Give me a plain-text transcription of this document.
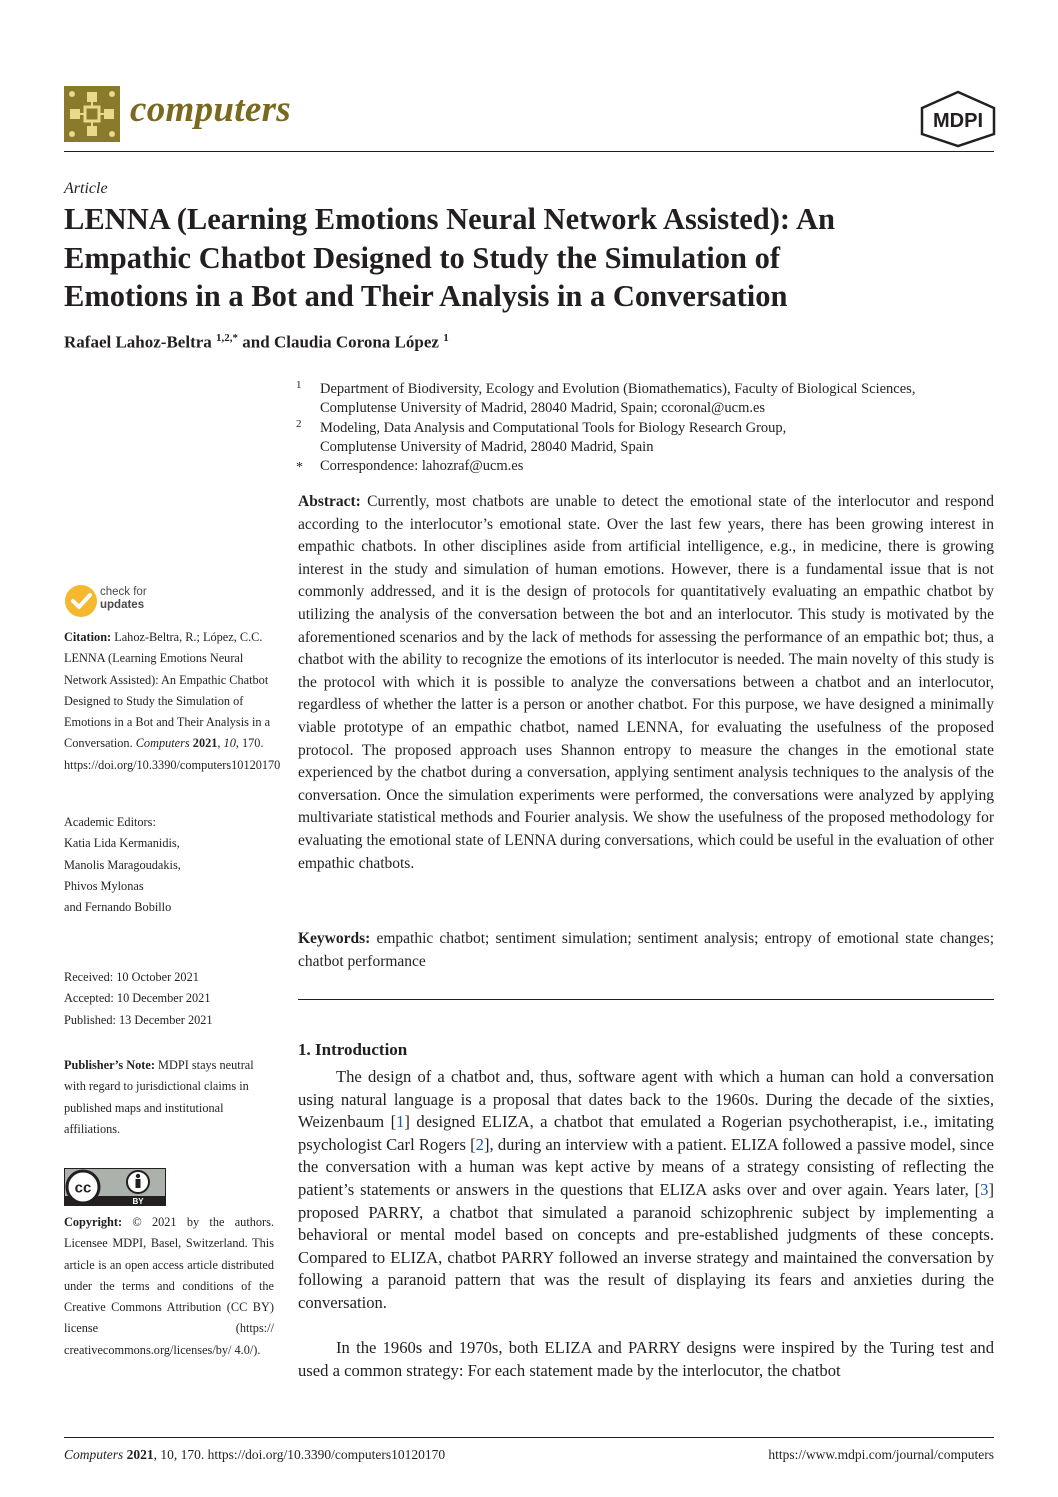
computers	MDPI
Article
LENNA (Learning Emotions Neural Network Assisted): An
Empathic Chatbot Designed to Study the Simulation of
Emotions in a Bot and Their Analysis in a Conversation
Rafael Lahoz-Beltra $^{1,2,*}$ and Claudia Corona López $^1$
1 Department of Biodiversity, Ecology and Evolution (Biomathematics), Faculty of Biological Sciences,
Complutense University of Madrid, 28040 Madrid, Spain; ccoronal@ucm.es
2 Modeling, Data Analysis and Computational Tools for Biology Research Group,
Complutense University of Madrid, 28040 Madrid, Spain
* Correspondence: lahozraf@ucm.es
Abstract: Currently, most chatbots are unable to detect the emotional state of the interlocutor and respond according to the interlocutor’s emotional state. Over the last few years, there has been growing interest in empathic chatbots. In other disciplines aside from artificial intelligence, e.g., in medicine, there is growing interest in the study and simulation of human emotions. However, there is a fundamental issue that is not commonly addressed, and it is the design of protocols for quantitatively evaluating an empathic chatbot by utilizing the analysis of the conversation between the bot and an interlocutor. This study is motivated by the aforementioned scenarios and by the lack of methods for assessing the performance of an empathic bot; thus, a chatbot with the ability to recognize the emotions of its interlocutor is needed. The main novelty of this study is the protocol with which it is possible to analyze the conversations between a chatbot and an interlocutor, regardless of whether the latter is a person or another chatbot. For this purpose, we have designed a minimally viable prototype of an empathic chatbot, named LENNA, for evaluating the usefulness of the proposed protocol. The proposed approach uses Shannon entropy to measure the changes in the emotional state experienced by the chatbot during a conversation, applying sentiment analysis techniques to the analysis of the conversation. Once the simulation experiments were performed, the conversations were analyzed by applying multivariate statistical methods and Fourier analysis. We show the usefulness of the proposed methodology for evaluating the emotional state of LENNA during conversations, which could be useful in the evaluation of other empathic chatbots.
Keywords: empathic chatbot; sentiment simulation; sentiment analysis; entropy of emotional state changes; chatbot performance
1. Introduction
The design of a chatbot and, thus, software agent with which a human can hold a conversation using natural language is a proposal that dates back to the 1960s. During the decade of the sixties, Weizenbaum [1] designed ELIZA, a chatbot that emulated a Rogerian psychotherapist, i.e., imitating psychologist Carl Rogers [2], during an interview with a patient. ELIZA followed a passive model, since the conversation with a human was kept active by means of a strategy consisting of reflecting the patient’s statements or answers in the questions that ELIZA asks over and over again. Years later, [3] proposed PARRY, a chatbot that simulated a paranoid schizophrenic subject by implementing a behavioral or mental model based on concepts and pre-established judgments of these concepts. Compared to ELIZA, chatbot PARRY followed an inverse strategy and maintained the conversation by following a paranoid pattern that was the result of displaying its fears and anxieties during the conversation.
In the 1960s and 1970s, both ELIZA and PARRY designs were inspired by the Turing test and used a common strategy: For each statement made by the interlocutor, the chatbot
check for
updates
Citation: Lahoz-Beltra, R.; López, C.C. LENNA (Learning Emotions Neural Network Assisted): An Empathic Chatbot Designed to Study the Simulation of Emotions in a Bot and Their Analysis in a Conversation. Computers 2021, 10, 170. https://doi.org/10.3390/computers10120170
Academic Editors:
Katia Lida Kermanidis,
Manolis Maragoudakis,
Phivos Mylonas
and Fernando Bobillo
Received: 10 October 2021
Accepted: 10 December 2021
Published: 13 December 2021
Publisher’s Note: MDPI stays neutral with regard to jurisdictional claims in published maps and institutional affiliations.
cc
BY
Copyright: © 2021 by the authors. Licensee MDPI, Basel, Switzerland. This article is an open access article distributed under the terms and conditions of the Creative Commons Attribution (CC BY) license (https:// creativecommons.org/licenses/by/ 4.0/).
Computers 2021, 10, 170. https://doi.org/10.3390/computers10120170	https://www.mdpi.com/journal/computers
